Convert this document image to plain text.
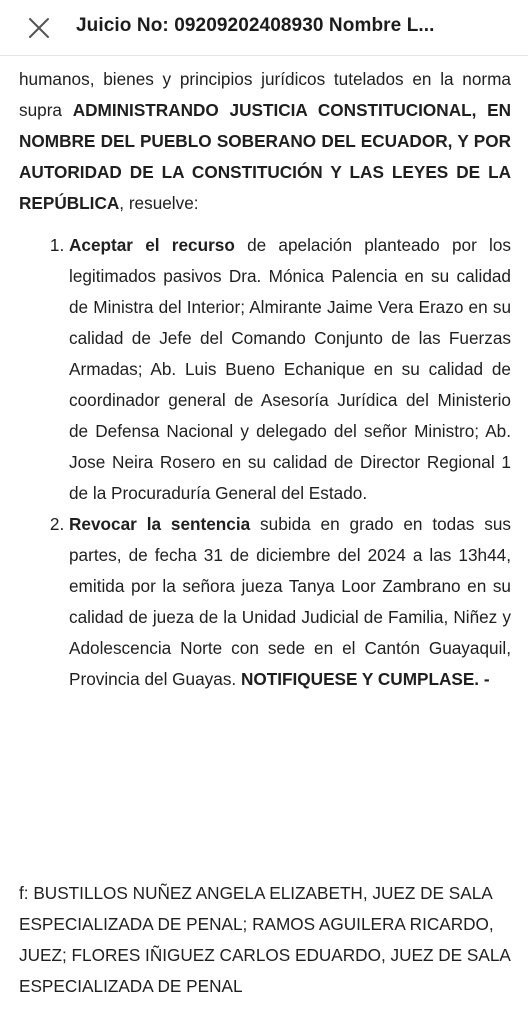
Juicio No: 09209202408930 Nombre L...

humanos, bienes y principios jurídicos tutelados en la norma supra ADMINISTRANDO JUSTICIA CONSTITUCIONAL, EN NOMBRE DEL PUEBLO SOBERANO DEL ECUADOR, Y POR AUTORIDAD DE LA CONSTITUCIÓN Y LAS LEYES DE LA REPÚBLICA, resuelve:

1. Aceptar el recurso de apelación planteado por los legitimados pasivos Dra. Mónica Palencia en su calidad de Ministra del Interior; Almirante Jaime Vera Erazo en su calidad de Jefe del Comando Conjunto de las Fuerzas Armadas; Ab. Luis Bueno Echanique en su calidad de coordinador general de Asesoría Jurídica del Ministerio de Defensa Nacional y delegado del señor Ministro; Ab. Jose Neira Rosero en su calidad de Director Regional 1 de la Procuraduría General del Estado.
2. Revocar la sentencia subida en grado en todas sus partes, de fecha 31 de diciembre del 2024 a las 13h44, emitida por la señora jueza Tanya Loor Zambrano en su calidad de jueza de la Unidad Judicial de Familia, Niñez y Adolescencia Norte con sede en el Cantón Guayaquil, Provincia del Guayas. NOTIFIQUESE Y CUMPLASE. -

f: BUSTILLOS NUÑEZ ANGELA ELIZABETH, JUEZ DE SALA ESPECIALIZADA DE PENAL; RAMOS AGUILERA RICARDO, JUEZ; FLORES IÑIGUEZ CARLOS EDUARDO, JUEZ DE SALA ESPECIALIZADA DE PENAL
